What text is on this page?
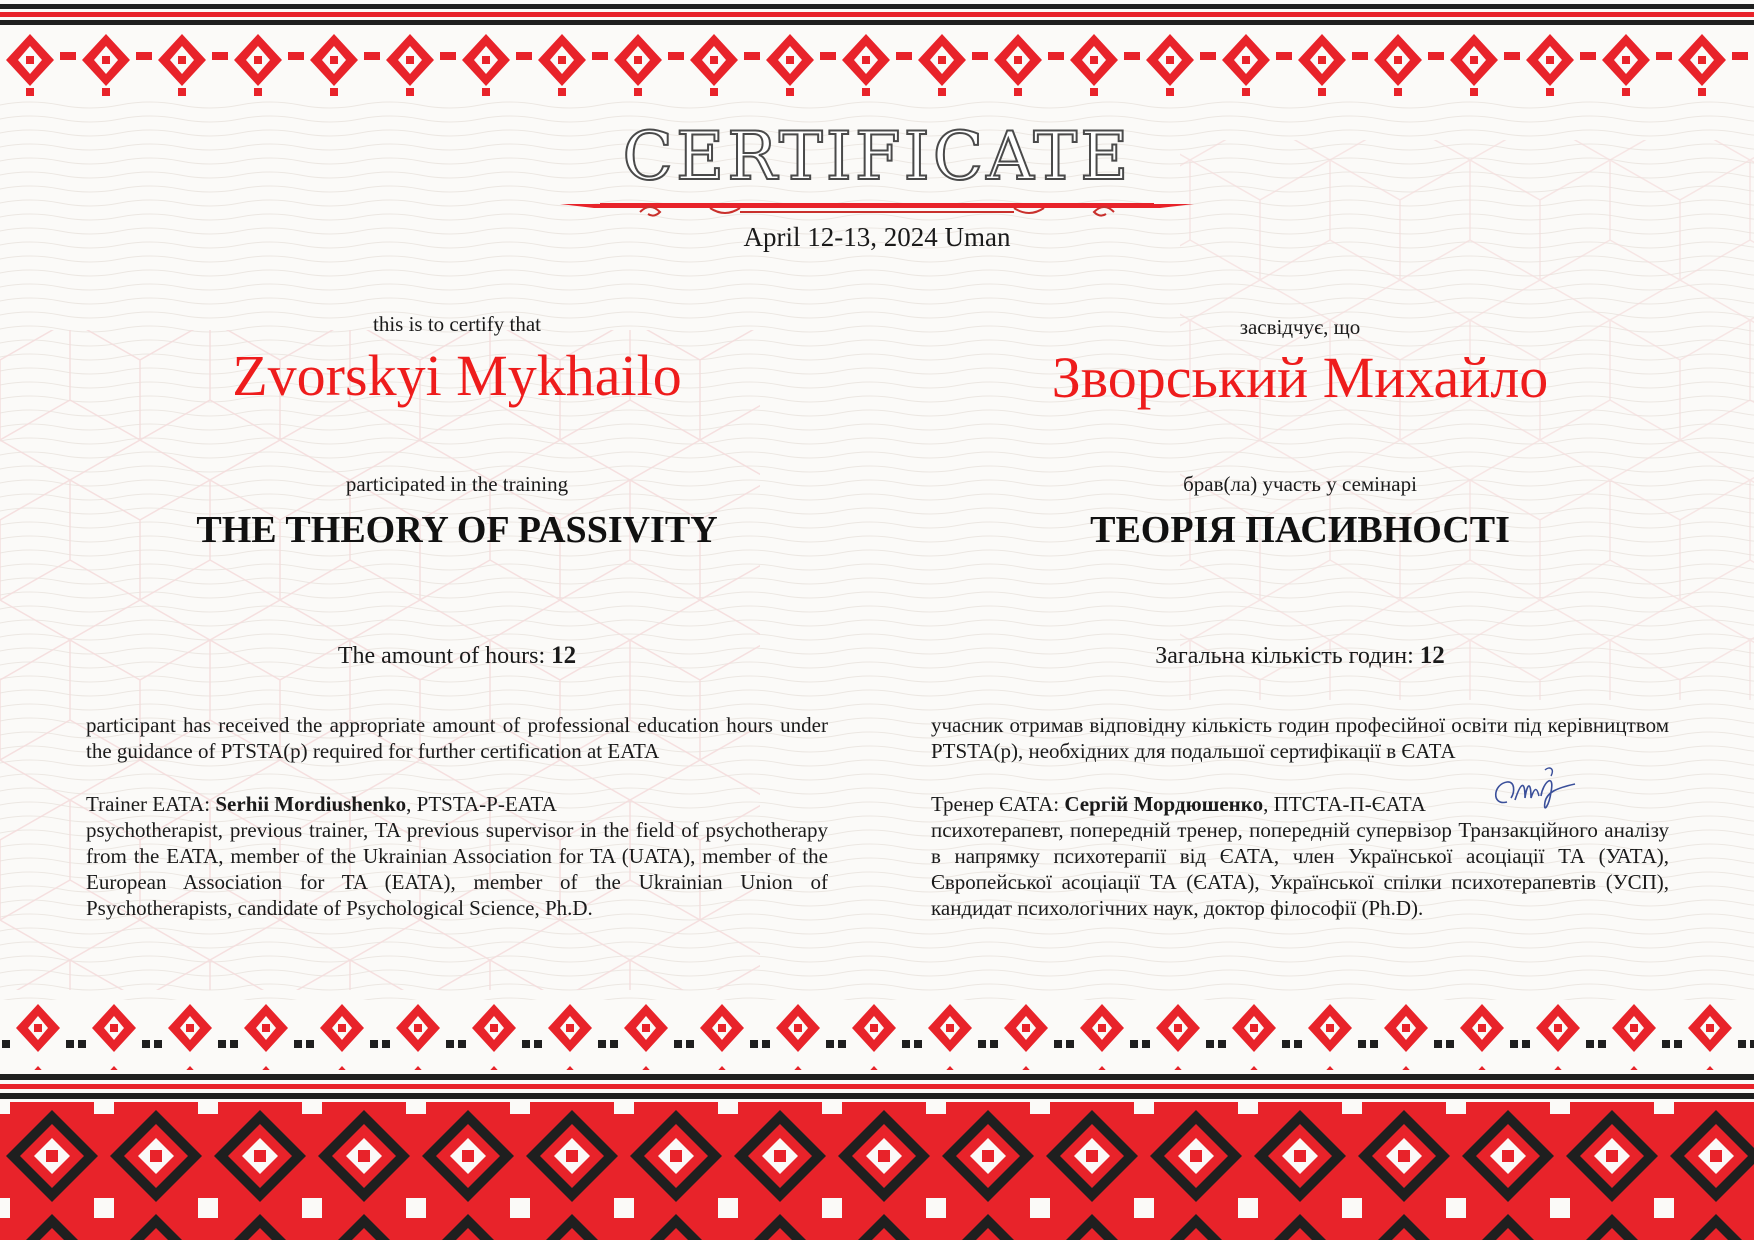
CERTIFICATE
April 12-13, 2024 Uman
this is to certify that
Zvorskyi Mykhailo
participated in the training
THE THEORY OF PASSIVITY
The amount of hours: 12
participant has received the appropriate amount of professional education hours under the guidance of PTSTA(p) required for further certification at EATA
Trainer EATA: Serhii Mordiushenko, PTSTA-P-EATA
psychotherapist, previous trainer, TA previous supervisor in the field of psychotherapy from the EATA, member of the Ukrainian Association for TA (UATA), member of the European Association for TA (EATA), member of the Ukrainian Union of Psychotherapists, candidate of Psychological Science, Ph.D.
засвідчує, що
Зворський Михайло
брав(ла) участь у семінарі
ТЕОРІЯ ПАСИВНОСТІ
Загальна кількість годин: 12
учасник отримав відповідну кількість годин професійної освіти під керівництвом PTSTA(p), необхідних для подальшої сертифікації в ЄАТА
Тренер ЄАТА: Сергій Мордюшенко, ПТСТА-П-ЄАТА
психотерапевт, попередній тренер, попередній супервізор Транзакційного аналізу в напрямку психотерапії від ЄАТА, член Української асоціації ТА (УАТА), Європейської асоціації ТА (ЄАТА), Української спілки психотерапевтів (УСП), кандидат психологічних наук, доктор філософії (Ph.D).
